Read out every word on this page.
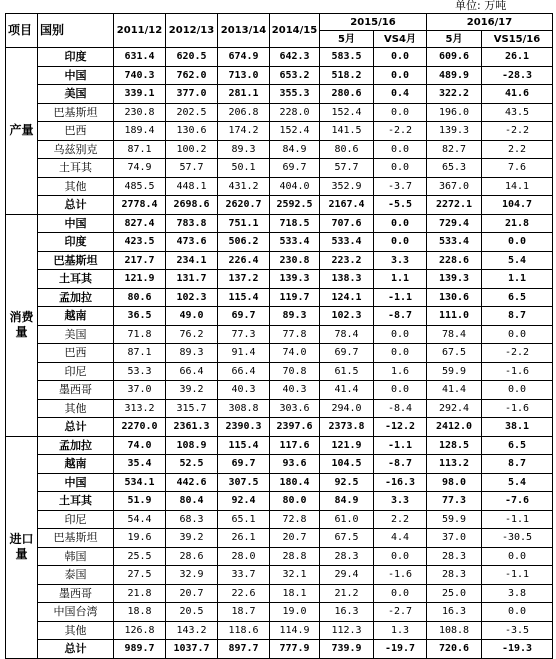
单位: 万吨
项目	国别	2011/12	2012/13	2013/14	2014/15	2015/16		2016/17	
						5月	VS4月	5月	VS15/16
产量	印度	631.4	620.5	674.9	642.3	583.5	0.0	609.6	26.1
	中国	740.3	762.0	713.0	653.2	518.2	0.0	489.9	-28.3
	美国	339.1	377.0	281.1	355.3	280.6	0.4	322.2	41.6
	巴基斯坦	230.8	202.5	206.8	228.0	152.4	0.0	196.0	43.5
	巴西	189.4	130.6	174.2	152.4	141.5	-2.2	139.3	-2.2
	乌兹别克	87.1	100.2	89.3	84.9	80.6	0.0	82.7	2.2
	土耳其	74.9	57.7	50.1	69.7	57.7	0.0	65.3	7.6
	其他	485.5	448.1	431.2	404.0	352.9	-3.7	367.0	14.1
	总计	2778.4	2698.6	2620.7	2592.5	2167.4	-5.5	2272.1	104.7
消费量	中国	827.4	783.8	751.1	718.5	707.6	0.0	729.4	21.8
	印度	423.5	473.6	506.2	533.4	533.4	0.0	533.4	0.0
	巴基斯坦	217.7	234.1	226.4	230.8	223.2	3.3	228.6	5.4
	土耳其	121.9	131.7	137.2	139.3	138.3	1.1	139.3	1.1
	孟加拉	80.6	102.3	115.4	119.7	124.1	-1.1	130.6	6.5
	越南	36.5	49.0	69.7	89.3	102.3	-8.7	111.0	8.7
	美国	71.8	76.2	77.3	77.8	78.4	0.0	78.4	0.0
	巴西	87.1	89.3	91.4	74.0	69.7	0.0	67.5	-2.2
	印尼	53.3	66.4	66.4	70.8	61.5	1.6	59.9	-1.6
	墨西哥	37.0	39.2	40.3	40.3	41.4	0.0	41.4	0.0
	其他	313.2	315.7	308.8	303.6	294.0	-8.4	292.4	-1.6
	总计	2270.0	2361.3	2390.3	2397.6	2373.8	-12.2	2412.0	38.1
进口量	孟加拉	74.0	108.9	115.4	117.6	121.9	-1.1	128.5	6.5
	越南	35.4	52.5	69.7	93.6	104.5	-8.7	113.2	8.7
	中国	534.1	442.6	307.5	180.4	92.5	-16.3	98.0	5.4
	土耳其	51.9	80.4	92.4	80.0	84.9	3.3	77.3	-7.6
	印尼	54.4	68.3	65.1	72.8	61.0	2.2	59.9	-1.1
	巴基斯坦	19.6	39.2	26.1	20.7	67.5	4.4	37.0	-30.5
	韩国	25.5	28.6	28.0	28.8	28.3	0.0	28.3	0.0
	泰国	27.5	32.9	33.7	32.1	29.4	-1.6	28.3	-1.1
	墨西哥	21.8	20.7	22.6	18.1	21.2	0.0	25.0	3.8
	中国台湾	18.8	20.5	18.7	19.0	16.3	-2.7	16.3	0.0
	其他	126.8	143.2	118.6	114.9	112.3	1.3	108.8	-3.5
	总计	989.7	1037.7	897.7	777.9	739.9	-19.7	720.6	-19.3
